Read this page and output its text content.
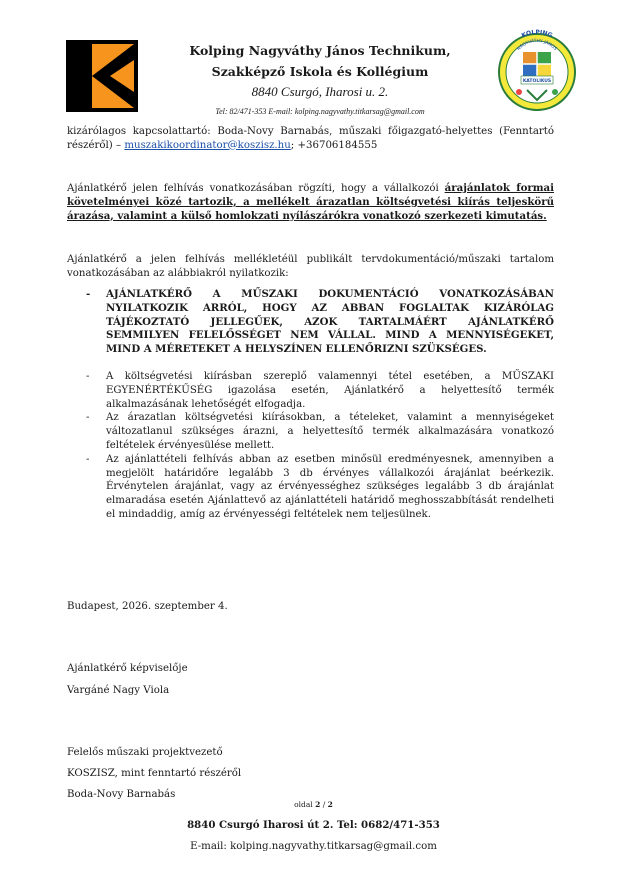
Kolping Nagyváthy János Technikum,
Szakképző Iskola és Kollégium
8840 Csurgó, Iharosi u. 2.
Tel: 82/471-353 E-mail: kolping.nagyvathy.titkarsag@gmail.com
KOLPING
NAGYVÁTHY JÁNOS
KATOLIKUS
kizárólagos kapcsolattartó: Boda-Novy Barnabás, műszaki főigazgató-helyettes (Fenntartó részéről) – muszakikoordinator@koszisz.hu; +36706184555
Ajánlatkérő jelen felhívás vonatkozásában rögzíti, hogy a vállalkozói árajánlatok formai követelményei közé tartozik, a mellékelt árazatlan költségvetési kiírás teljeskörű árazása, valamint a külső homlokzati nyílászárókra vonatkozó szerkezeti kimutatás.
Ajánlatkérő a jelen felhívás mellékletéül publikált tervdokumentáció/műszaki tartalom vonatkozásában az alábbiakról nyilatkozik:
- AJÁNLATKÉRŐ A MŰSZAKI DOKUMENTÁCIÓ VONATKOZÁSÁBAN NYILATKOZIK ARRÓL, HOGY AZ ABBAN FOGLALTAK KIZÁRÓLAG TÁJÉKOZTATÓ JELLEGŰEK, AZOK TARTALMÁÉRT AJÁNLATKÉRŐ SEMMILYEN FELELŐSSÉGET NEM VÁLLAL. MIND A MENNYISÉGEKET, MIND A MÉRETEKET A HELYSZÍNEN ELLENŐRIZNI SZÜKSÉGES.
- A költségvetési kiírásban szereplő valamennyi tétel esetében, a MŰSZAKI EGYENÉRTÉKŰSÉG igazolása esetén, Ajánlatkérő a helyettesítő termék alkalmazásának lehetőségét elfogadja.
- Az árazatlan költségvetési kiírásokban, a tételeket, valamint a mennyiségeket változatlanul szükséges árazni, a helyettesítő termék alkalmazására vonatkozó feltételek érvényesülése mellett.
- Az ajánlattételi felhívás abban az esetben minősül eredményesnek, amennyiben a megjelölt határidőre legalább 3 db érvényes vállalkozói árajánlat beérkezik. Érvénytelen árajánlat, vagy az érvényességhez szükséges legalább 3 db árajánlat elmaradása esetén Ajánlattevő az ajánlattételi határidő meghosszabbítását rendelheti el mindaddig, amíg az érvényességi feltételek nem teljesülnek.
Budapest, 2026. szeptember 4.
Ajánlatkérő képviselője
Vargáné Nagy Viola
Felelős műszaki projektvezető
KOSZISZ, mint fenntartó részéről
Boda-Novy Barnabás
oldal 2 / 2
8840 Csurgó Iharosi út 2. Tel: 0682/471-353
E-mail: kolping.nagyvathy.titkarsag@gmail.com
